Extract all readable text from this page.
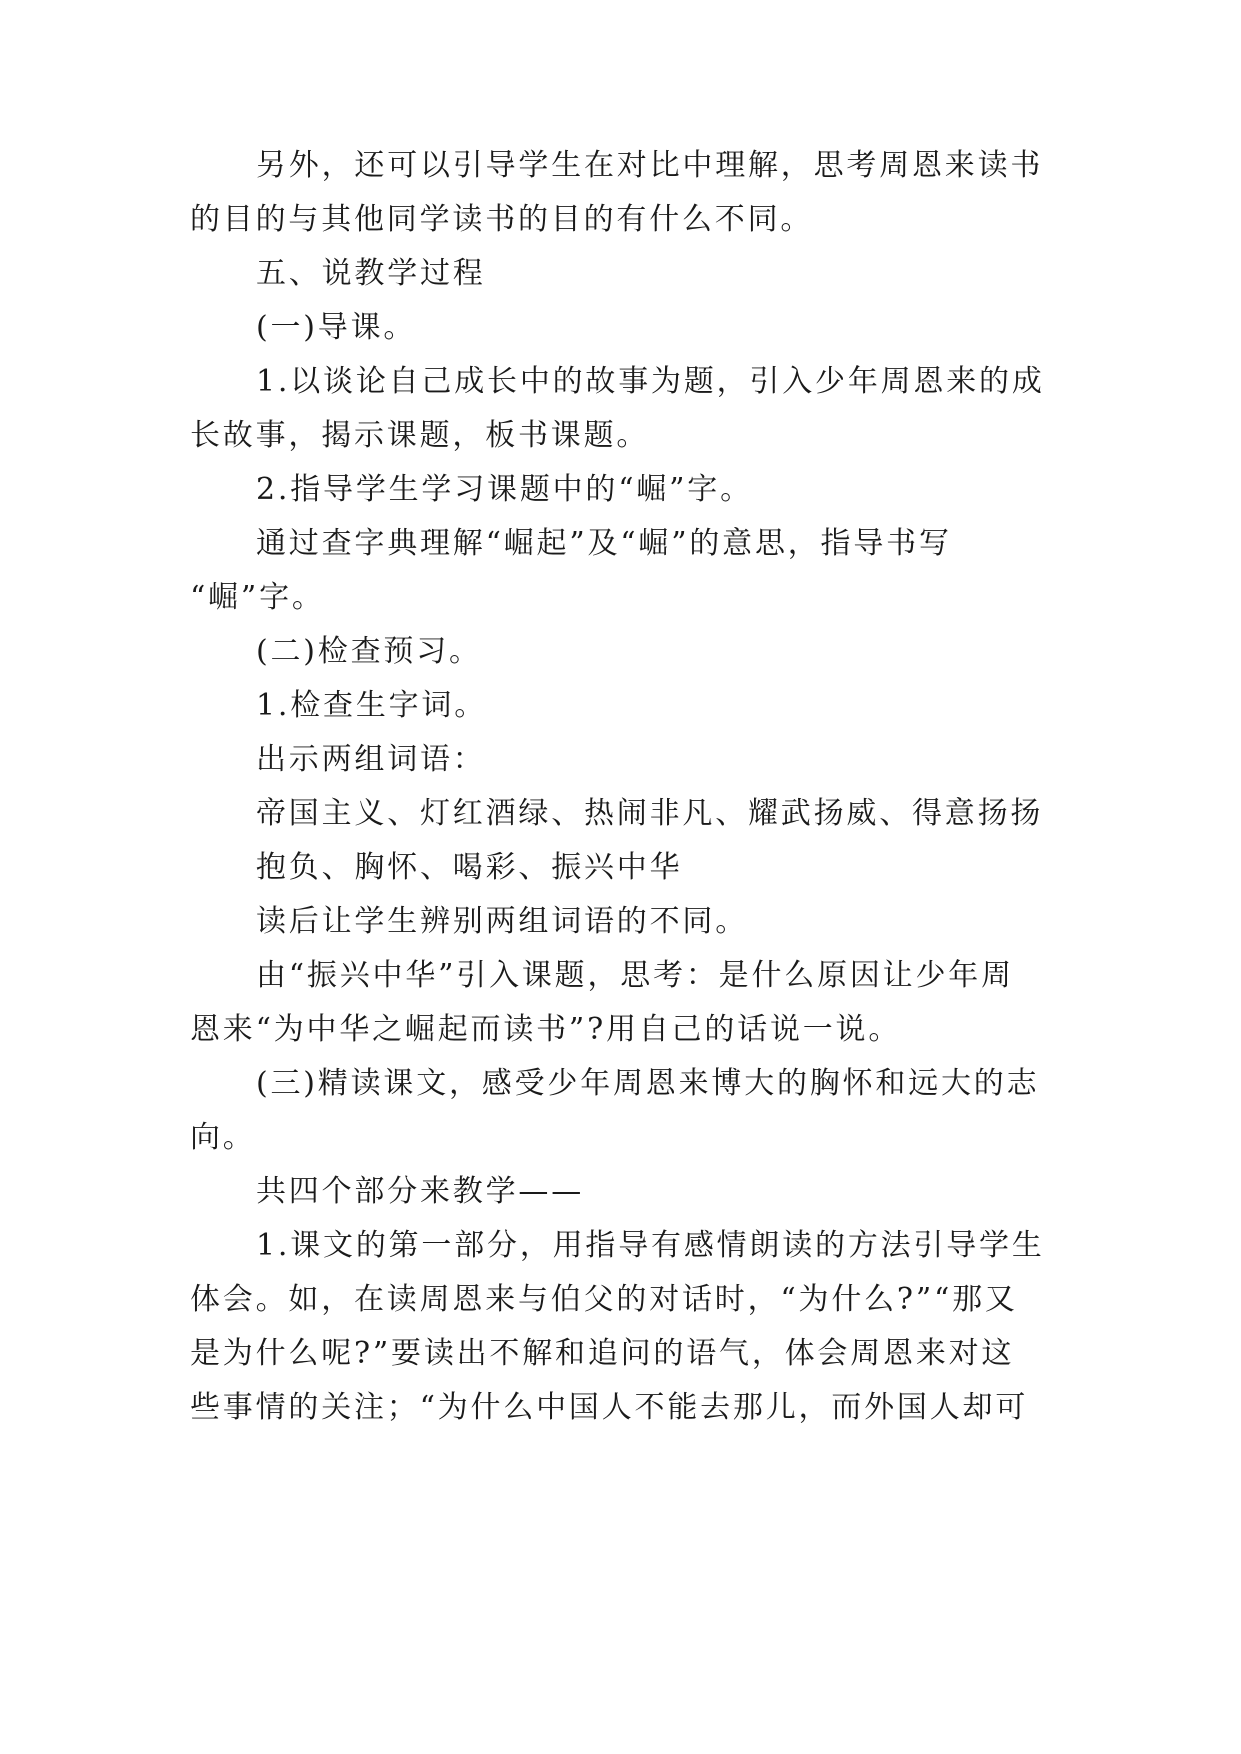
另外，还可以引导学生在对比中理解，思考周恩来读书
的目的与其他同学读书的目的有什么不同。
五、说教学过程
(一)导课。
1.以谈论自己成长中的故事为题，引入少年周恩来的成
长故事，揭示课题，板书课题。
2.指导学生学习课题中的“崛”字。
通过查字典理解“崛起”及“崛”的意思，指导书写
“崛”字。
(二)检查预习。
1.检查生字词。
出示两组词语：
帝国主义、灯红酒绿、热闹非凡、耀武扬威、得意扬扬
抱负、胸怀、喝彩、振兴中华
读后让学生辨别两组词语的不同。
由“振兴中华”引入课题，思考：是什么原因让少年周
恩来“为中华之崛起而读书”?用自己的话说一说。
(三)精读课文，感受少年周恩来博大的胸怀和远大的志
向。
共四个部分来教学——
1.课文的第一部分，用指导有感情朗读的方法引导学生
体会。如，在读周恩来与伯父的对话时，“为什么?”“那又
是为什么呢?”要读出不解和追问的语气，体会周恩来对这
些事情的关注；“为什么中国人不能去那儿，而外国人却可
